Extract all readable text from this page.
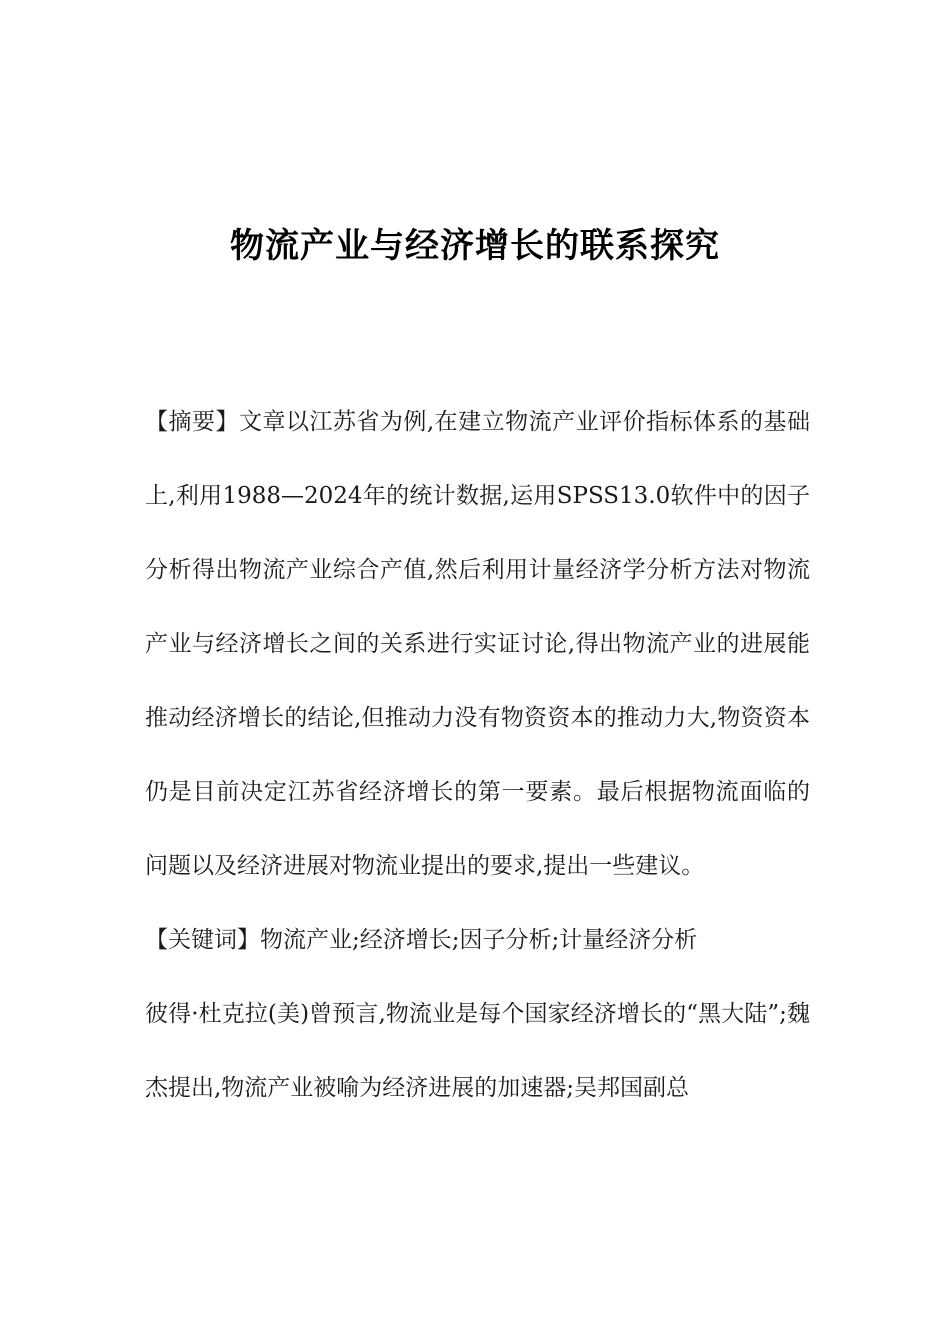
物流产业与经济增长的联系探究

【摘要】文章以江苏省为例,在建立物流产业评价指标体系的基础上,利用1988—2024年的统计数据,运用SPSS13.0软件中的因子分析得出物流产业综合产值,然后利用计量经济学分析方法对物流产业与经济增长之间的关系进行实证讨论,得出物流产业的进展能推动经济增长的结论,但推动力没有物资资本的推动力大,物资资本仍是目前决定江苏省经济增长的第一要素。最后根据物流面临的问题以及经济进展对物流业提出的要求,提出一些建议。

【关键词】物流产业;经济增长;因子分析;计量经济分析

彼得·杜克拉(美)曾预言,物流业是每个国家经济增长的“黑大陆”;魏杰提出,物流产业被喻为经济进展的加速器;吴邦国副总
